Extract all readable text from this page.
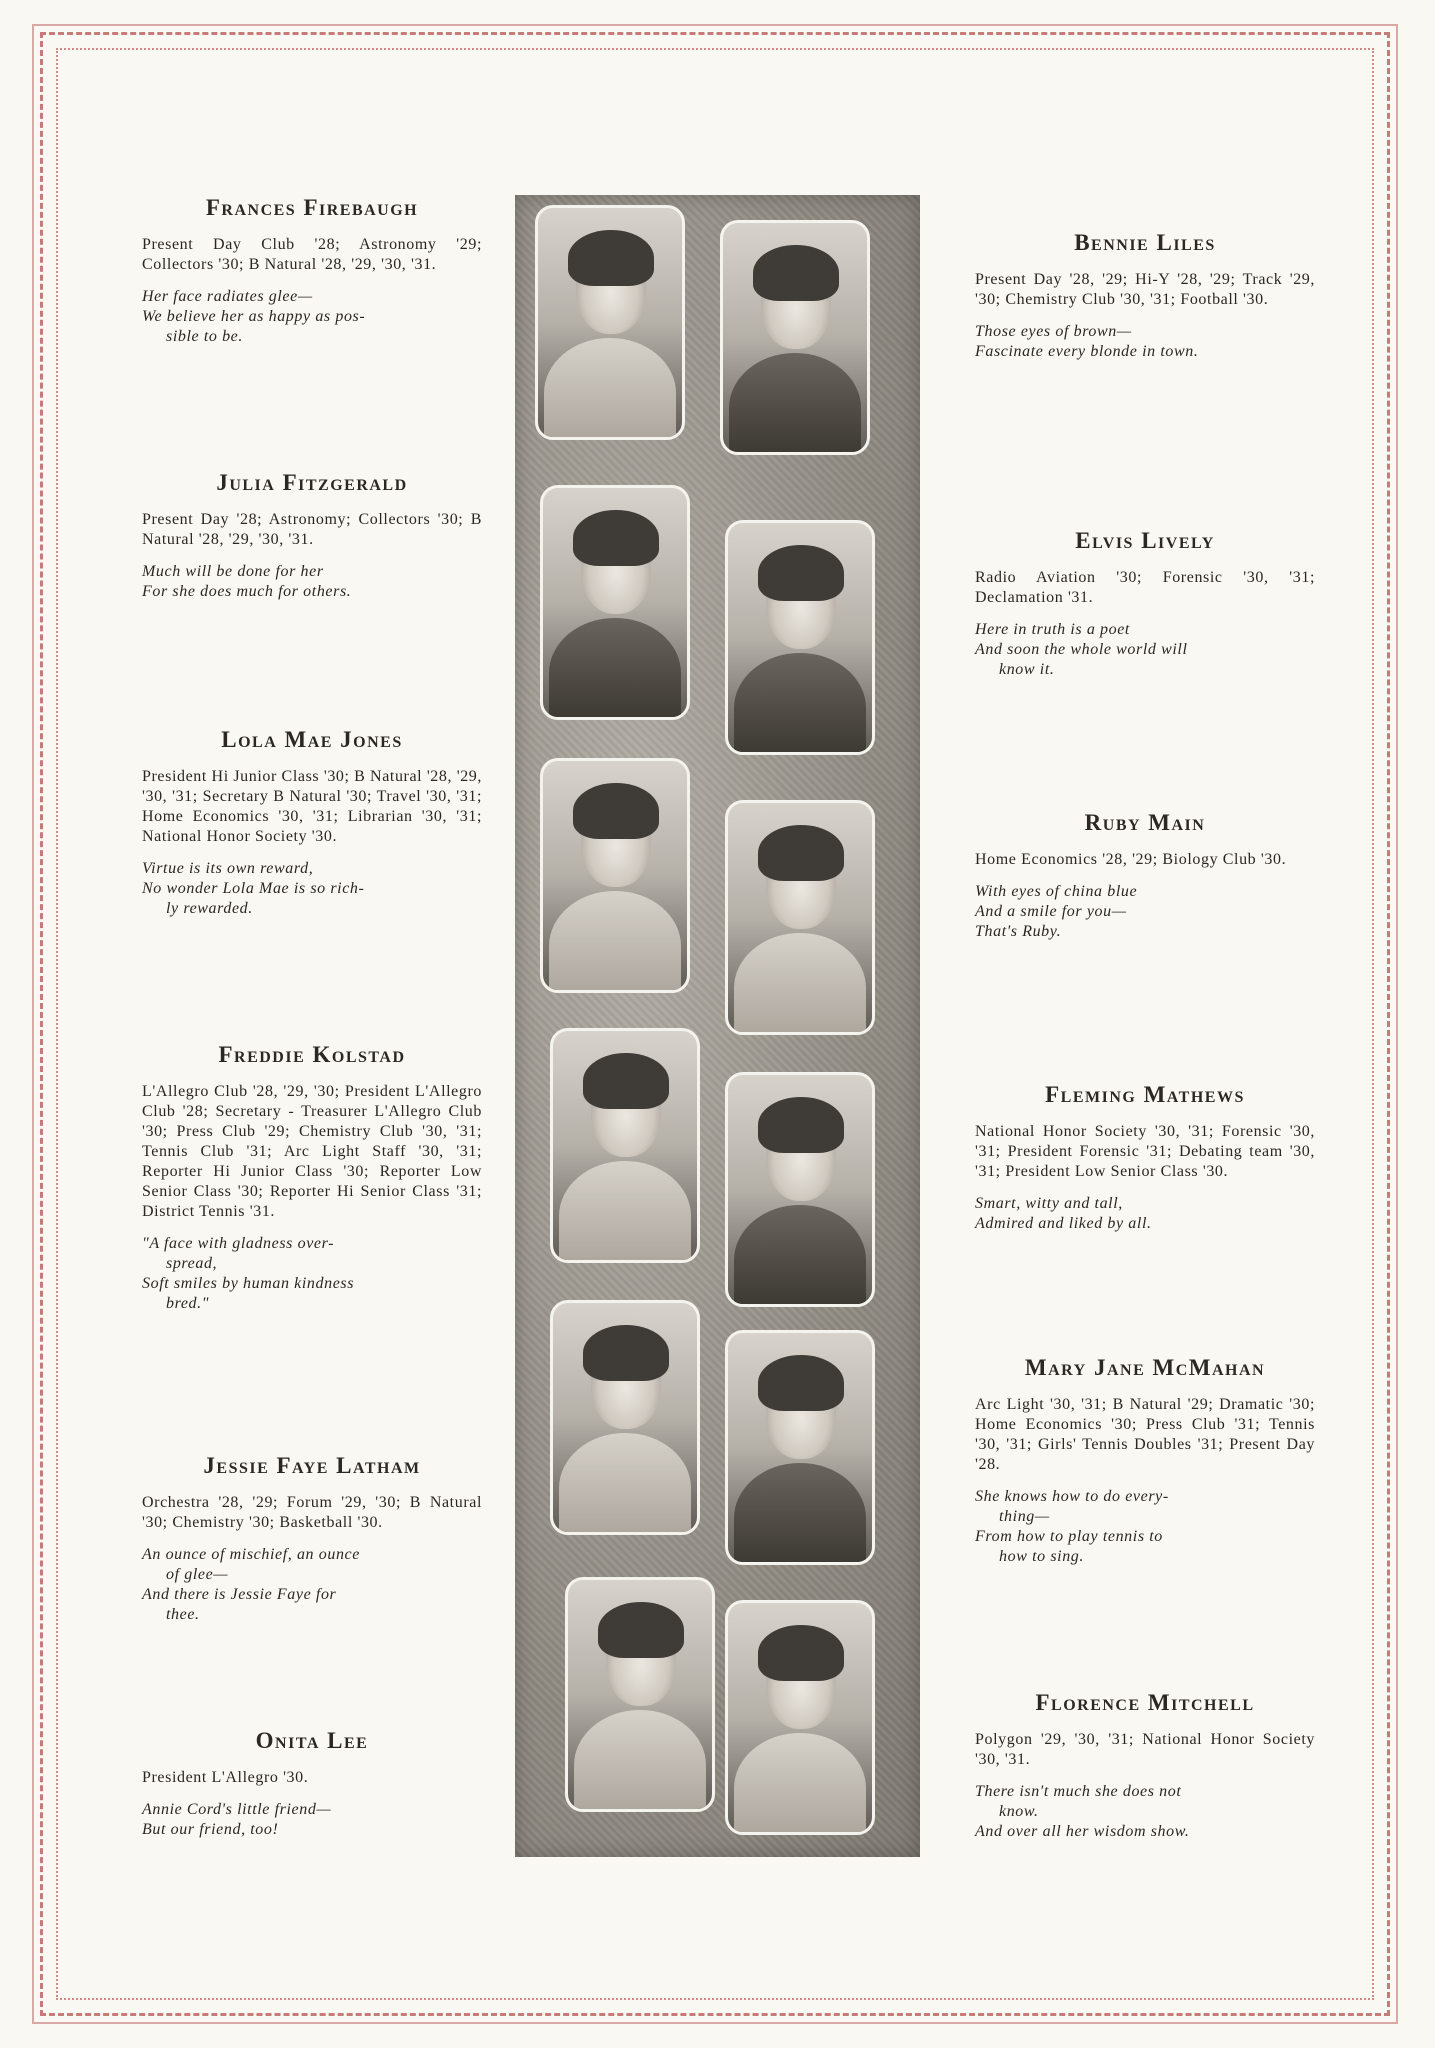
Frances Firebaugh

Present Day Club '28; Astronomy '29; Collectors '30; B Natural '28, '29, '30, '31.

Her face radiates glee—
We believe her as happy as pos-
sible to be.

Julia Fitzgerald

Present Day '28; Astronomy; Collectors '30; B Natural '28, '29, '30, '31.

Much will be done for her
For she does much for others.

Lola Mae Jones

President Hi Junior Class '30; B Natural '28, '29, '30, '31; Secretary B Natural '30; Travel '30, '31; Home Economics '30, '31; Librarian '30, '31; National Honor Society '30.

Virtue is its own reward,
No wonder Lola Mae is so rich-
ly rewarded.

Freddie Kolstad

L'Allegro Club '28, '29, '30; President L'Allegro Club '28; Secretary - Treasurer L'Allegro Club '30; Press Club '29; Chemistry Club '30, '31; Tennis Club '31; Arc Light Staff '30, '31; Reporter Hi Junior Class '30; Reporter Low Senior Class '30; Reporter Hi Senior Class '31; District Tennis '31.

"A face with gladness over-
spread,
Soft smiles by human kindness
bred."

Jessie Faye Latham

Orchestra '28, '29; Forum '29, '30; B Natural '30; Chemistry '30; Basketball '30.

An ounce of mischief, an ounce
of glee—
And there is Jessie Faye for
thee.

Onita Lee

President L'Allegro '30.

Annie Cord's little friend—
But our friend, too!

Bennie Liles

Present Day '28, '29; Hi-Y '28, '29; Track '29, '30; Chemistry Club '30, '31; Football '30.

Those eyes of brown—
Fascinate every blonde in town.

Elvis Lively

Radio Aviation '30; Forensic '30, '31; Declamation '31.

Here in truth is a poet
And soon the whole world will
know it.

Ruby Main

Home Economics '28, '29; Biology Club '30.

With eyes of china blue
And a smile for you—
That's Ruby.

Fleming Mathews

National Honor Society '30, '31; Forensic '30, '31; President Forensic '31; Debating team '30, '31; President Low Senior Class '30.

Smart, witty and tall,
Admired and liked by all.

Mary Jane McMahan

Arc Light '30, '31; B Natural '29; Dramatic '30; Home Economics '30; Press Club '31; Tennis '30, '31; Girls' Tennis Doubles '31; Present Day '28.

She knows how to do every-
thing—
From how to play tennis to
how to sing.

Florence Mitchell

Polygon '29, '30, '31; National Honor Society '30, '31.

There isn't much she does not
know.
And over all her wisdom show.
